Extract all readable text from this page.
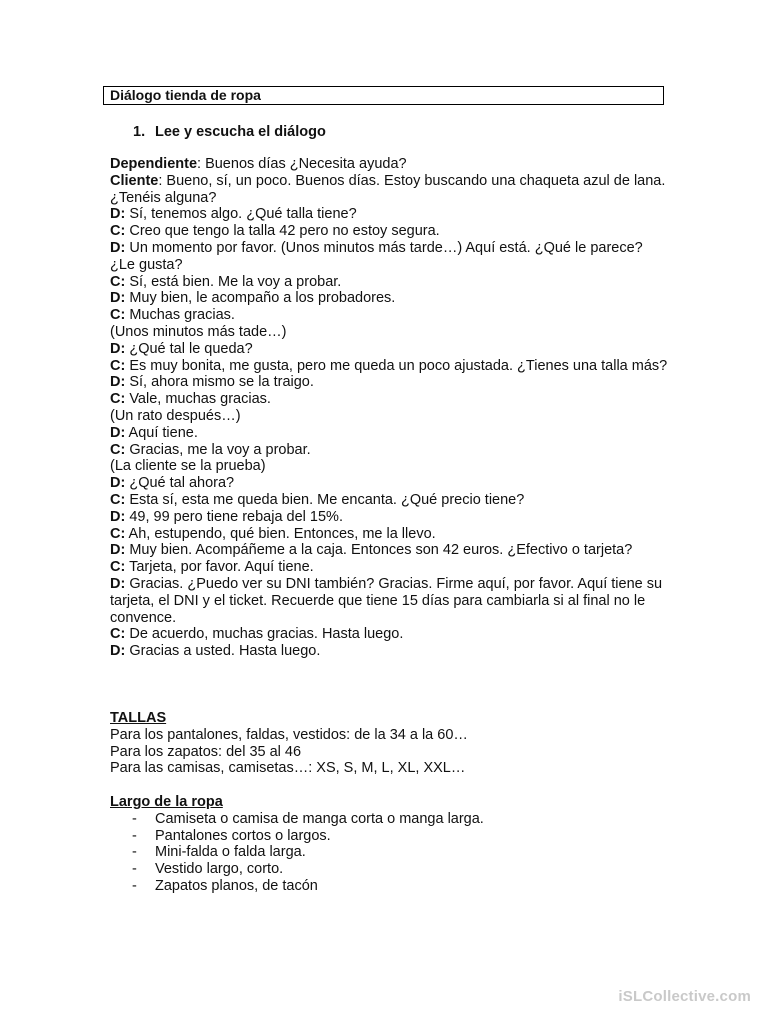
Diálogo tienda de ropa
1. Lee y escucha el diálogo

Dependiente: Buenos días ¿Necesita ayuda?

Cliente: Bueno, sí, un poco. Buenos días. Estoy buscando una chaqueta azul de lana. ¿Tenéis alguna?

D: Sí, tenemos algo. ¿Qué talla tiene?

C: Creo que tengo la talla 42 pero no estoy segura.

D: Un momento por favor. (Unos minutos más tarde…) Aquí está. ¿Qué le parece? ¿Le gusta?

C: Sí, está bien. Me la voy a probar.

D: Muy bien, le acompaño a los probadores.

C: Muchas gracias.

(Unos minutos más tade…)

D: ¿Qué tal le queda?

C: Es muy bonita, me gusta, pero me queda un poco ajustada. ¿Tienes una talla más?

D: Sí, ahora mismo se la traigo.

C: Vale, muchas gracias.

(Un rato después…)

D: Aquí tiene.

C: Gracias, me la voy a probar.

(La cliente se la prueba)

D: ¿Qué tal ahora?

C: Esta sí, esta me queda bien. Me encanta. ¿Qué precio tiene?

D: 49, 99 pero tiene rebaja del 15%.

C: Ah, estupendo, qué bien. Entonces, me la llevo.

D: Muy bien. Acompáñeme a la caja. Entonces son 42 euros. ¿Efectivo o tarjeta?

C: Tarjeta, por favor. Aquí tiene.

D: Gracias. ¿Puedo ver su DNI también? Gracias. Firme aquí, por favor. Aquí tiene su tarjeta, el DNI y el ticket. Recuerde que tiene 15 días para cambiarla si al final no le convence.

C: De acuerdo, muchas gracias. Hasta luego.

D: Gracias a usted. Hasta luego.

TALLAS

Para los pantalones, faldas, vestidos: de la 34 a la 60…

Para los zapatos: del 35 al 46

Para las camisas, camisetas…: XS, S, M, L, XL, XXL…

Largo de la ropa
- Camiseta o camisa de manga corta o manga larga.
- Pantalones cortos o largos.
- Mini-falda o falda larga.
- Vestido largo, corto.
- Zapatos planos, de tacón
iSLCollective.com
